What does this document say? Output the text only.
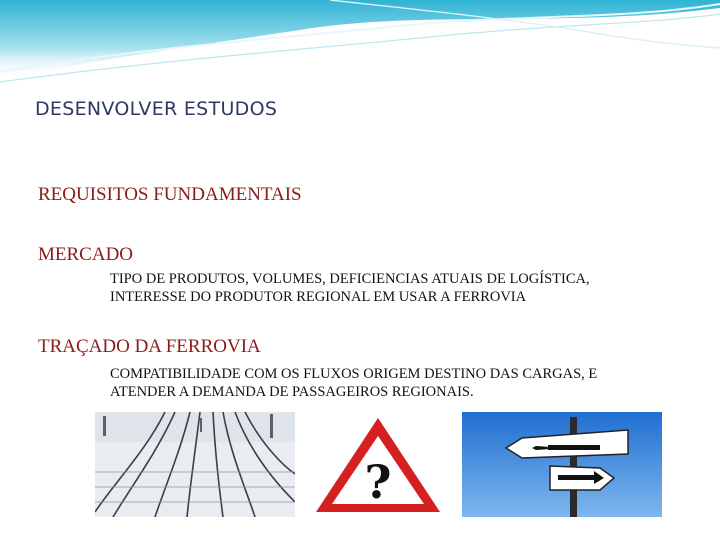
DESENVOLVER ESTUDOS
REQUISITOS FUNDAMENTAIS
MERCADO
TIPO DE PRODUTOS, VOLUMES, DEFICIENCIAS ATUAIS DE LOGÍSTICA,
INTERESSE DO PRODUTOR REGIONAL EM USAR A FERROVIA
TRAÇADO DA FERROVIA
COMPATIBILIDADE COM OS FLUXOS ORIGEM DESTINO DAS CARGAS, E
ATENDER A DEMANDA DE PASSAGEIROS REGIONAIS.
?
